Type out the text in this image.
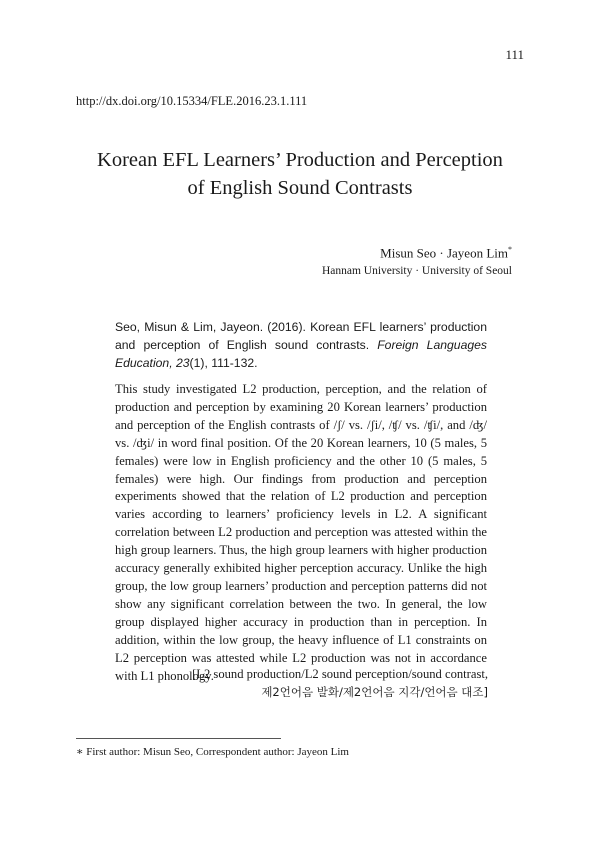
111
http://dx.doi.org/10.15334/FLE.2016.23.1.111
Korean EFL Learners’ Production and Perception
of English Sound Contrasts
Misun Seo · Jayeon Lim*
Hannam University · University of Seoul
Seo, Misun & Lim, Jayeon. (2016). Korean EFL learners’ production and perception of English sound contrasts. Foreign Languages Education, 23(1), 111-132.

This study investigated L2 production, perception, and the relation of production and perception by examining 20 Korean learners’ production and perception of the English contrasts of /ʃ/ vs. /ʃi/, /ʧ/ vs. /ʧi/, and /ʤ/ vs. /ʤi/ in word final position. Of the 20 Korean learners, 10 (5 males, 5 females) were low in English proficiency and the other 10 (5 males, 5 females) were high. Our findings from production and perception experiments showed that the relation of L2 production and perception varies according to learners’ proficiency levels in L2. A significant correlation between L2 production and perception was attested within the high group learners. Thus, the high group learners with higher production accuracy generally exhibited higher perception accuracy. Unlike the high group, the low group learners’ production and perception patterns did not show any significant correlation between the two. In general, the low group displayed higher accuracy in production than in perception. In addition, within the low group, the heavy influence of L1 constraints on L2 perception was attested while L2 production was not in accordance with L1 phonology.

[L2 sound production/L2 sound perception/sound contrast,
제2언어음 발화/제2언어음 지각/언어음 대조]
∗ First author: Misun Seo, Correspondent author: Jayeon Lim
